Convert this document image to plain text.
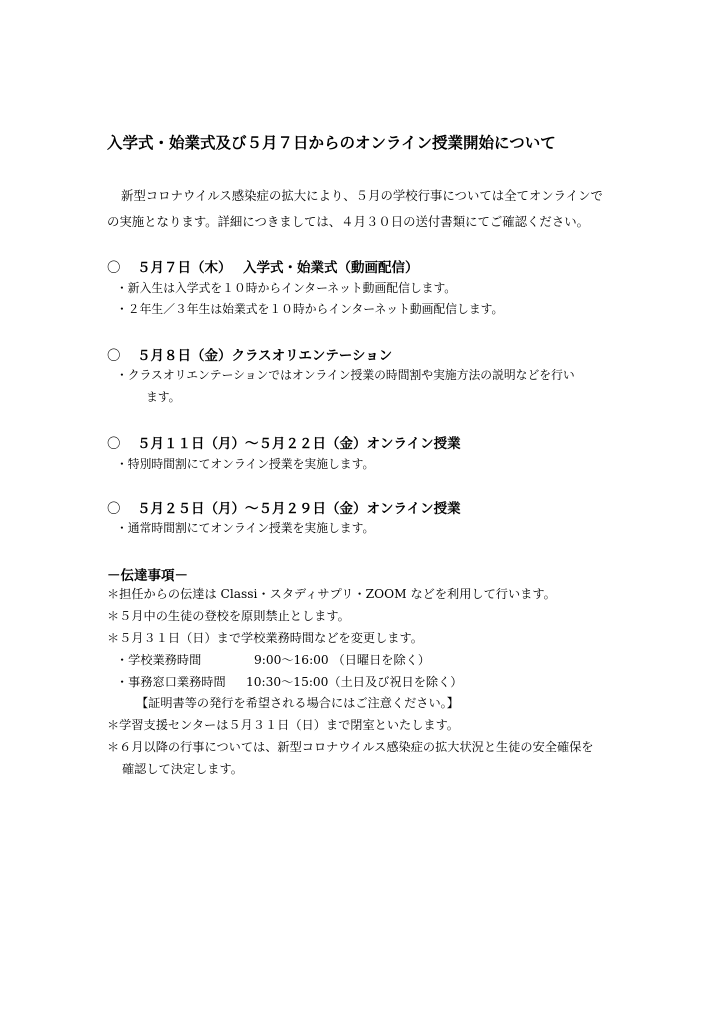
入学式・始業式及び５月７日からのオンライン授業開始について

新型コロナウイルス感染症の拡大により、５月の学校行事については全てオンラインで

の実施となります。詳細につきましては、４月３０日の送付書類にてご確認ください。

〇 ５月７日（木）　 入学式・始業式（動画配信）
・新入生は入学式を１０時からインターネット動画配信します。
・２年生／３年生は始業式を１０時からインターネット動画配信します。
〇 ５月８日（金）クラスオリエンテーション
・クラスオリエンテーションではオンライン授業の時間割や実施方法の説明などを行い
ます。
〇 ５月１１日（月）～５月２２日（金）オンライン授業
・特別時間割にてオンライン授業を実施します。
〇 ５月２５日（月）～５月２９日（金）オンライン授業
・通常時間割にてオンライン授業を実施します。
－伝達事項－
＊担任からの伝達は Classi・スタディサプリ・ZOOM などを利用して行います。
＊５月中の生徒の登校を原則禁止とします。
＊５月３１日（日）まで学校業務時間などを変更します。
・学校業務時間	9:00～16:00 （日曜日を除く）
・事務窓口業務時間 10:30～15:00（土日及び祝日を除く）
【証明書等の発行を希望される場合にはご注意ください。】
＊学習支援センターは５月３１日（日）まで閉室といたします。
＊６月以降の行事については、新型コロナウイルス感染症の拡大状況と生徒の安全確保を
確認して決定します。
